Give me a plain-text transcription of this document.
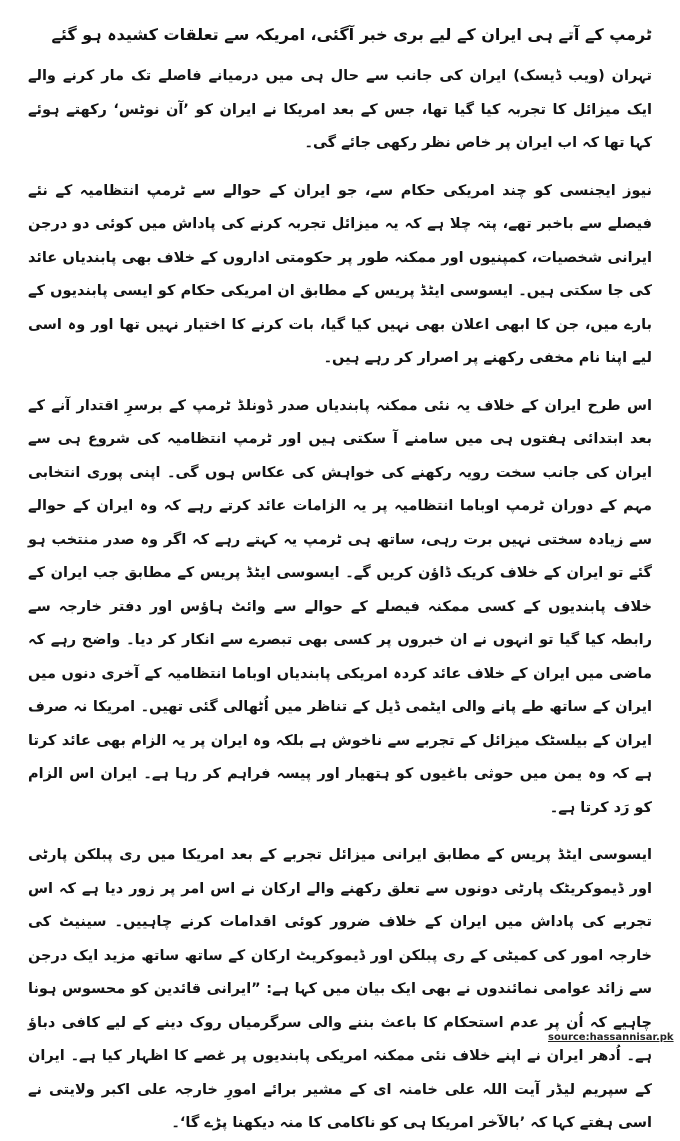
ٹرمپ کے آتے ہی ایران کے لیے بری خبر آگئی، امریکہ سے تعلقات کشیدہ ہو گئے

تہران (ویب ڈیسک) ایران کی جانب سے حال ہی میں درمیانے فاصلے تک مار کرنے والے ایک میزائل کا تجربہ کیا گیا تھا، جس کے بعد امریکا نے ایران کو ’آن نوٹس‘ رکھتے ہوئے کہا تھا کہ اب ایران پر خاص نظر رکھی جائے گی۔

نیوز ایجنسی کو چند امریکی حکام سے، جو ایران کے حوالے سے ٹرمپ انتظامیہ کے نئے فیصلے سے باخبر تھے، پتہ چلا ہے کہ یہ میزائل تجربہ کرنے کی پاداش میں کوئی دو درجن ایرانی شخصیات، کمپنیوں اور ممکنہ طور پر حکومتی اداروں کے خلاف بھی پابندیاں عائد کی جا سکتی ہیں۔ ایسوسی ایٹڈ پریس کے مطابق ان امریکی حکام کو ایسی پابندیوں کے بارے میں، جن کا ابھی اعلان بھی نہیں کیا گیا، بات کرنے کا اختیار نہیں تھا اور وہ اسی لیے اپنا نام مخفی رکھنے پر اصرار کر رہے ہیں۔

اس طرح ایران کے خلاف یہ نئی ممکنہ پابندیاں صدر ڈونلڈ ٹرمپ کے برسرِ اقتدار آنے کے بعد ابتدائی ہفتوں ہی میں سامنے آ سکتی ہیں اور ٹرمپ انتظامیہ کی شروع ہی سے ایران کی جانب سخت رویہ رکھنے کی خواہش کی عکاس ہوں گی۔ اپنی پوری انتخابی مہم کے دوران ٹرمپ اوباما انتظامیہ پر یہ الزامات عائد کرتے رہے کہ وہ ایران کے حوالے سے زیادہ سختی نہیں برت رہی، ساتھ ہی ٹرمپ یہ کہتے رہے کہ اگر وہ صدر منتخب ہو گئے تو ایران کے خلاف کریک ڈاؤن کریں گے۔ ایسوسی ایٹڈ پریس کے مطابق جب ایران کے خلاف پابندیوں کے کسی ممکنہ فیصلے کے حوالے سے وائٹ ہاؤس اور دفتر خارجہ سے رابطہ کیا گیا تو انہوں نے ان خبروں پر کسی بھی تبصرے سے انکار کر دیا۔ واضح رہے کہ ماضی میں ایران کے خلاف عائد کردہ امریکی پابندیاں اوباما انتظامیہ کے آخری دنوں میں ایران کے ساتھ طے پانے والی ایٹمی ڈیل کے تناظر میں اُٹھالی گئی تھیں۔ امریکا نہ صرف ایران کے بیلسٹک میزائل کے تجربے سے ناخوش ہے بلکہ وہ ایران پر یہ الزام بھی عائد کرتا ہے کہ وہ یمن میں حوثی باغیوں کو ہتھیار اور پیسہ فراہم کر رہا ہے۔ ایران اس الزام کو رَد کرتا ہے۔

ایسوسی ایٹڈ پریس کے مطابق ایرانی میزائل تجربے کے بعد امریکا میں ری پبلکن پارٹی اور ڈیموکریٹک پارٹی دونوں سے تعلق رکھنے والے ارکان نے اس امر پر زور دیا ہے کہ اس تجربے کی پاداش میں ایران کے خلاف ضرور کوئی اقدامات کرنے چاہییں۔ سینیٹ کی خارجہ امور کی کمیٹی کے ری پبلکن اور ڈیموکریٹ ارکان کے ساتھ ساتھ مزید ایک درجن سے زائد عوامی نمائندوں نے بھی ایک بیان میں کہا ہے: ”ایرانی قائدین کو محسوس ہونا چاہیے کہ اُن پر عدم استحکام کا باعث بننے والی سرگرمیاں روک دینے کے لیے کافی دباؤ ہے۔ اُدھر ایران نے اپنے خلاف نئی ممکنہ امریکی پابندیوں پر غصے کا اظہار کیا ہے۔ ایران کے سپریم لیڈر آیت اللہ علی خامنہ ای کے مشیر برائے امورِ خارجہ علی اکبر ولایتی نے اسی ہفتے کہا کہ ’بالآخر امریکا ہی کو ناکامی کا منہ دیکھنا پڑے گا‘۔

source:hassannisar.pk
